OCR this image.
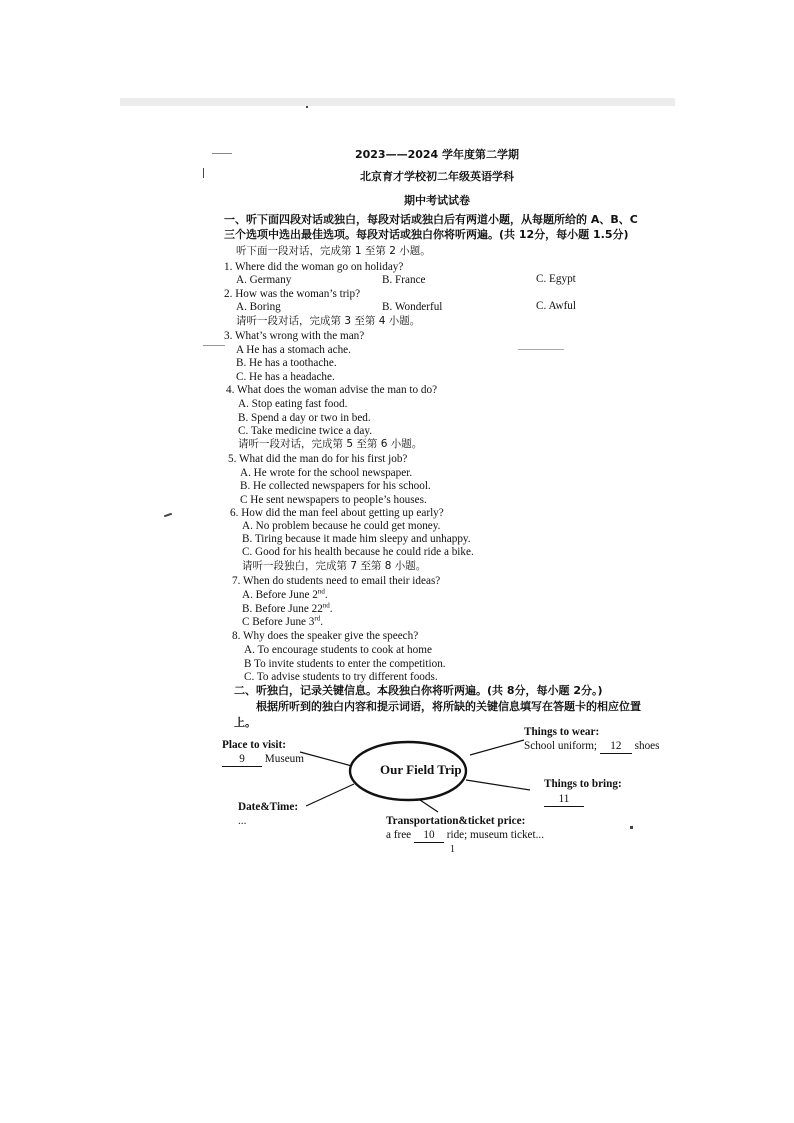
2023——2024 学年度第二学期
北京育才学校初二年级英语学科
期中考试试卷
一、听下面四段对话或独白，每段对话或独白后有两道小题，从每题所给的 A、B、C
三个选项中选出最佳选项。每段对话或独白你将听两遍。(共 12分，每小题 1.5分)
听下面一段对话，完成第 1 至第 2 小题。
1. Where did the woman go on holiday?
A. Germany	B. France	C. Egypt
2. How was the woman’s trip?
A. Boring	B. Wonderful	C. Awful
请听一段对话，完成第 3 至第 4 小题。
3. What’s wrong with the man?
A He has a stomach ache.
B. He has a toothache.
C. He has a headache.
4. What does the woman advise the man to do?
A. Stop eating fast food.
B. Spend a day or two in bed.
C. Take medicine twice a day.
请听一段对话，完成第 5 至第 6 小题。
5. What did the man do for his first job?
A. He wrote for the school newspaper.
B. He collected newspapers for his school.
C He sent newspapers to people’s houses.
6. How did the man feel about getting up early?
A. No problem because he could get money.
B. Tiring because it made him sleepy and unhappy.
C. Good for his health because he could ride a bike.
请听一段独白，完成第 7 至第 8 小题。
7. When do students need to email their ideas?
A. Before June 2nd.
B. Before June 22nd.
C Before June 3rd.
8. Why does the speaker give the speech?
A. To encourage students to cook at home
B To invite students to enter the competition.
C. To advise students to try different foods.
二、听独白，记录关键信息。本段独白你将听两遍。(共 8分，每小题 2分。)
根据所听到的独白内容和提示词语，将所缺的关键信息填写在答题卡的相应位置
上。
Our Field Trip
Place to visit:
9 Museum
Date&Time:
...
Things to wear:
School uniform; 12 shoes
Things to bring:
11
Transportation&ticket price:
a free 10 ride; museum ticket...
1
